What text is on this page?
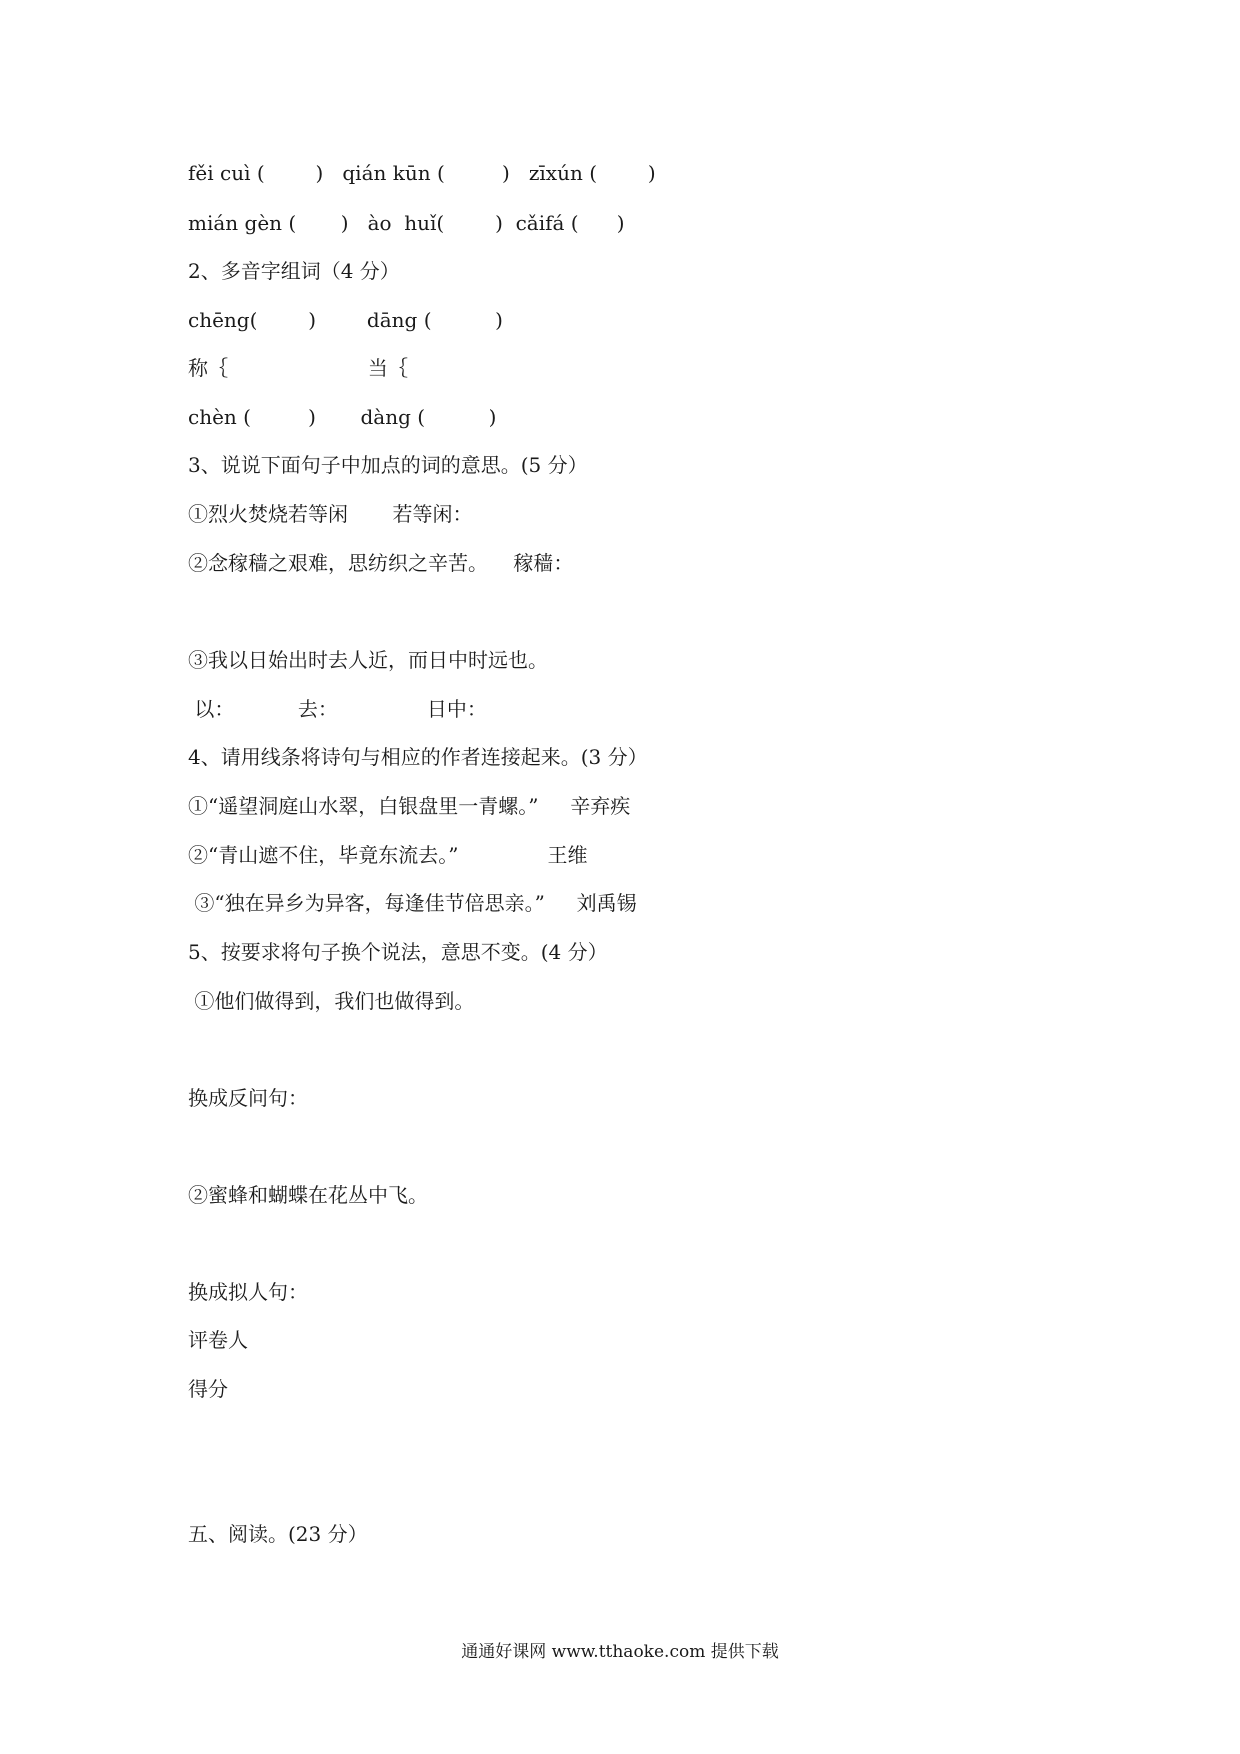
fěi cuì (        )   qián kūn (         )   zīxún (        )
mián gèn (       )   ào  huǐ(        )  cǎifá (      )
2、多音字组词（4 分）
chēng(        )        dāng (          )
称｛                      当｛
chèn (         )       dàng (          )
3、说说下面句子中加点的词的意思。(5 分）
①烈火焚烧若等闲       若等闲：
②念稼穑之艰难，思纺织之辛苦。    稼穑：
③我以日始出时去人近，而日中时远也。
以：          去：              日中：
4、请用线条将诗句与相应的作者连接起来。(3 分）
①“遥望洞庭山水翠，白银盘里一青螺。”     辛弃疾
②“青山遮不住，毕竟东流去。”              王维
③“独在异乡为异客，每逢佳节倍思亲。”     刘禹锡
5、按要求将句子换个说法，意思不变。(4 分）
①他们做得到，我们也做得到。
换成反问句：
②蜜蜂和蝴蝶在花丛中飞。
换成拟人句：
评卷人
得分
五、阅读。(23 分）
通通好课网 www.tthaoke.com 提供下载
